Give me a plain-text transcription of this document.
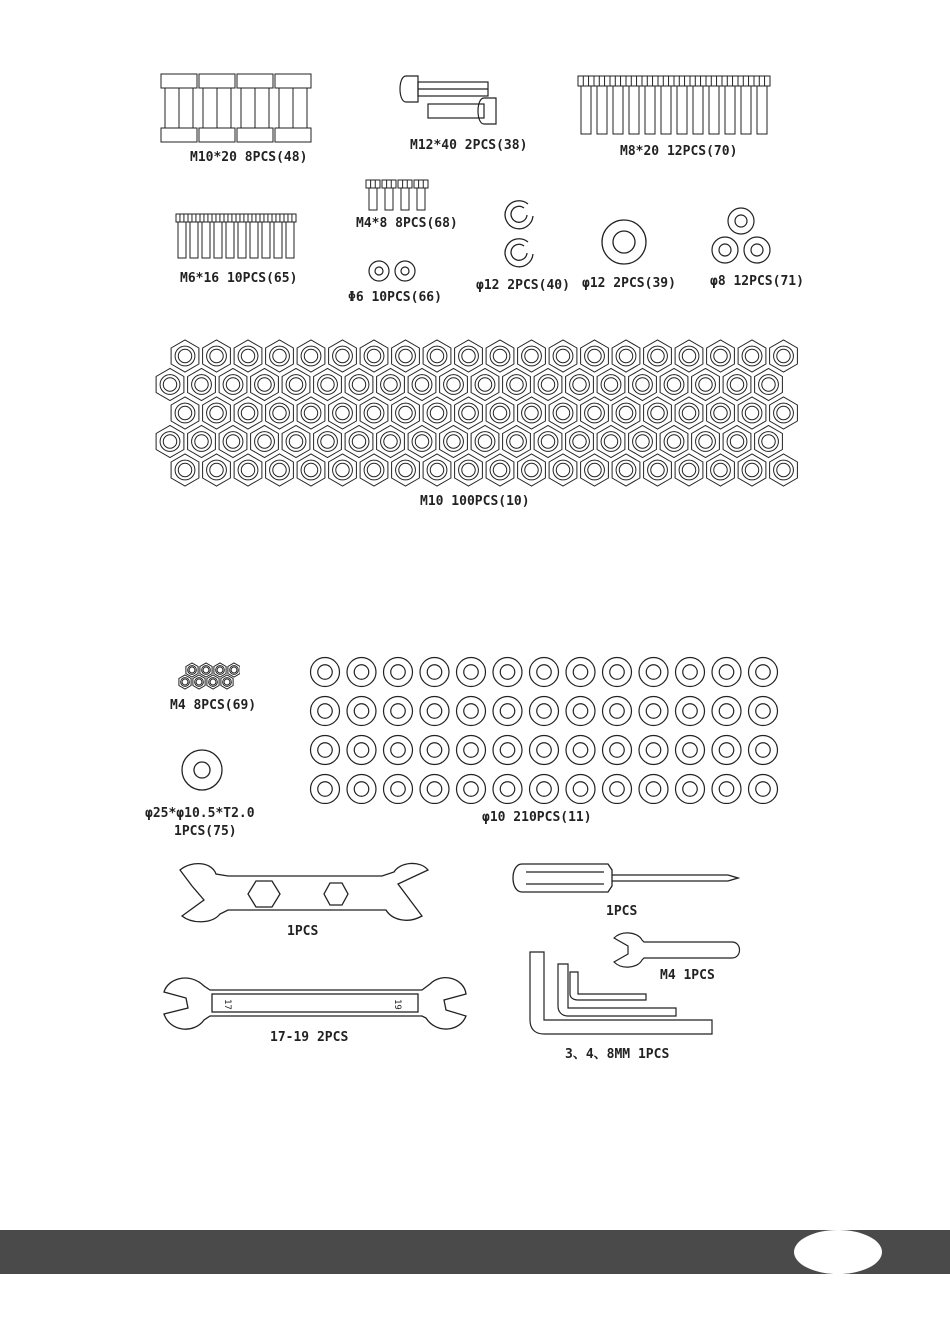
M10*20 8PCS(48)
M12*40 2PCS(38)	M8*20 12PCS(70)
M4*8 8PCS(68)
M6*16 10PCS(65)
Φ6 10PCS(66)
φ12 2PCS(40) φ12 2PCS(39)	φ8 12PCS(71)
M10 100PCS(10)
M4 8PCS(69)
φ25*φ10.5*T2.0
1PCS(75)
φ10 210PCS(11)
1PCS
1PCS
M4 1PCS
17	19
17-19 2PCS
3、4、8MM 1PCS
